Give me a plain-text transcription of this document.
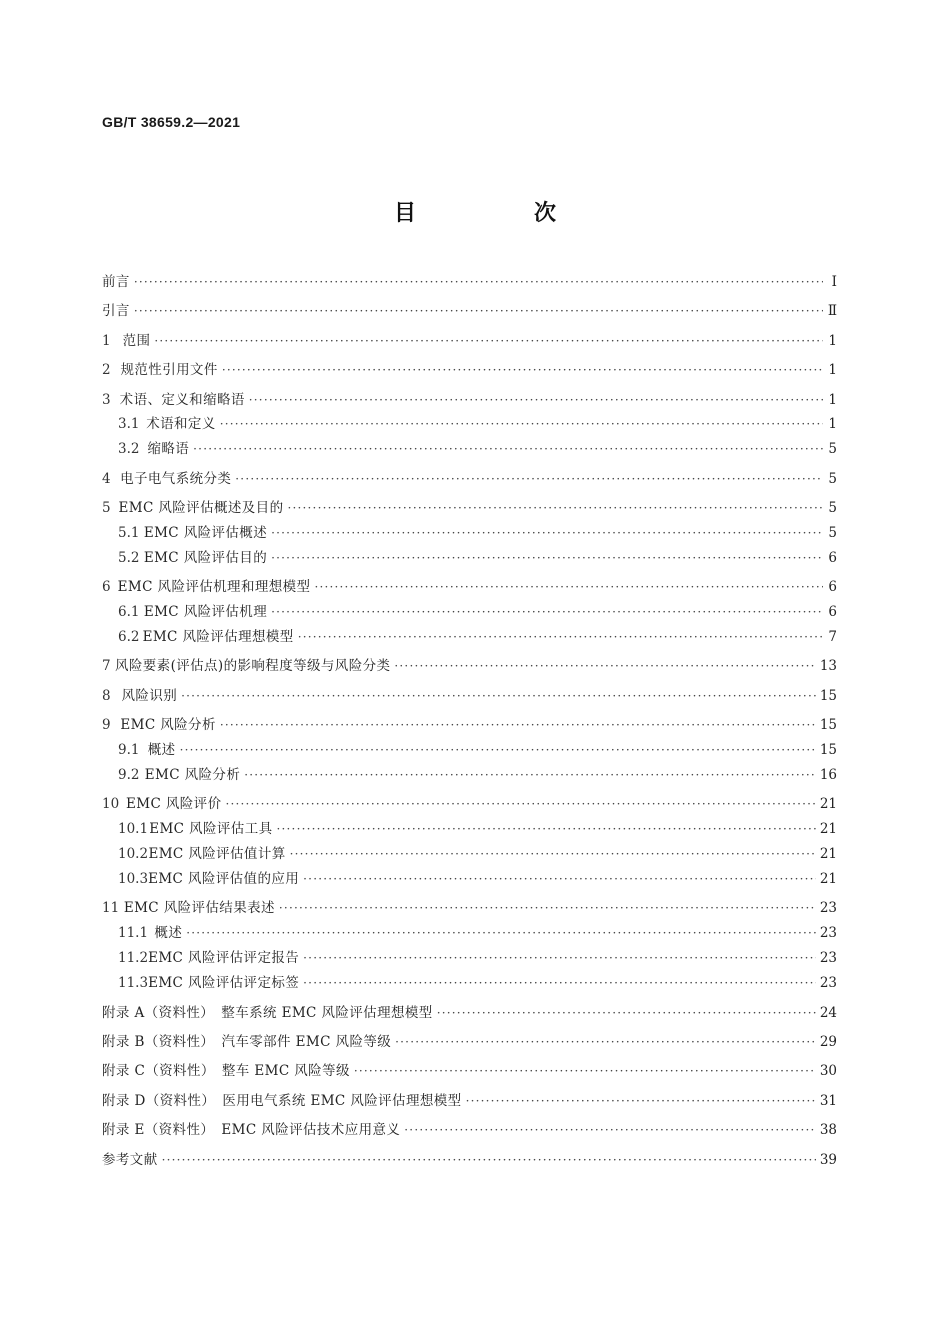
GB/T 38659.2—2021
目　次
前言 ·····	Ⅰ
引言 ·····	Ⅱ
1 范围 ·····	1
2 规范性引用文件 ·····	1
3 术语、定义和缩略语 ·····	1
3.1 术语和定义 ·····	1
3.2 缩略语 ·····	5
4 电子电气系统分类 ·····	5
5 EMC 风险评估概述及目的 ·····	5
5.1 EMC 风险评估概述 ·····	5
5.2 EMC 风险评估目的 ·····	6
6 EMC 风险评估机理和理想模型 ·····	6
6.1 EMC 风险评估机理 ·····	6
6.2 EMC 风险评估理想模型 ·····	7
7 风险要素(评估点)的影响程度等级与风险分类 ·····	13
8 风险识别 ·····	15
9 EMC 风险分析 ·····	15
9.1 概述 ·····	15
9.2 EMC 风险分析 ·····	16
10 EMC 风险评价 ·····	21
10.1 EMC 风险评估工具 ·····	21
10.2 EMC 风险评估值计算 ·····	21
10.3 EMC 风险评估值的应用 ·····	21
11 EMC 风险评估结果表述 ·····	23
11.1 概述 ·····	23
11.2 EMC 风险评估评定报告 ·····	23
11.3 EMC 风险评估评定标签 ·····	23
附录 A（资料性）　整车系统 EMC 风险评估理想模型 ·····	24
附录 B（资料性）　汽车零部件 EMC 风险等级 ·····	29
附录 C（资料性）　整车 EMC 风险等级 ·····	30
附录 D（资料性）　医用电气系统 EMC 风险评估理想模型 ·····	31
附录 E（资料性）　EMC 风险评估技术应用意义 ·····	38
参考文献 ·····	39
